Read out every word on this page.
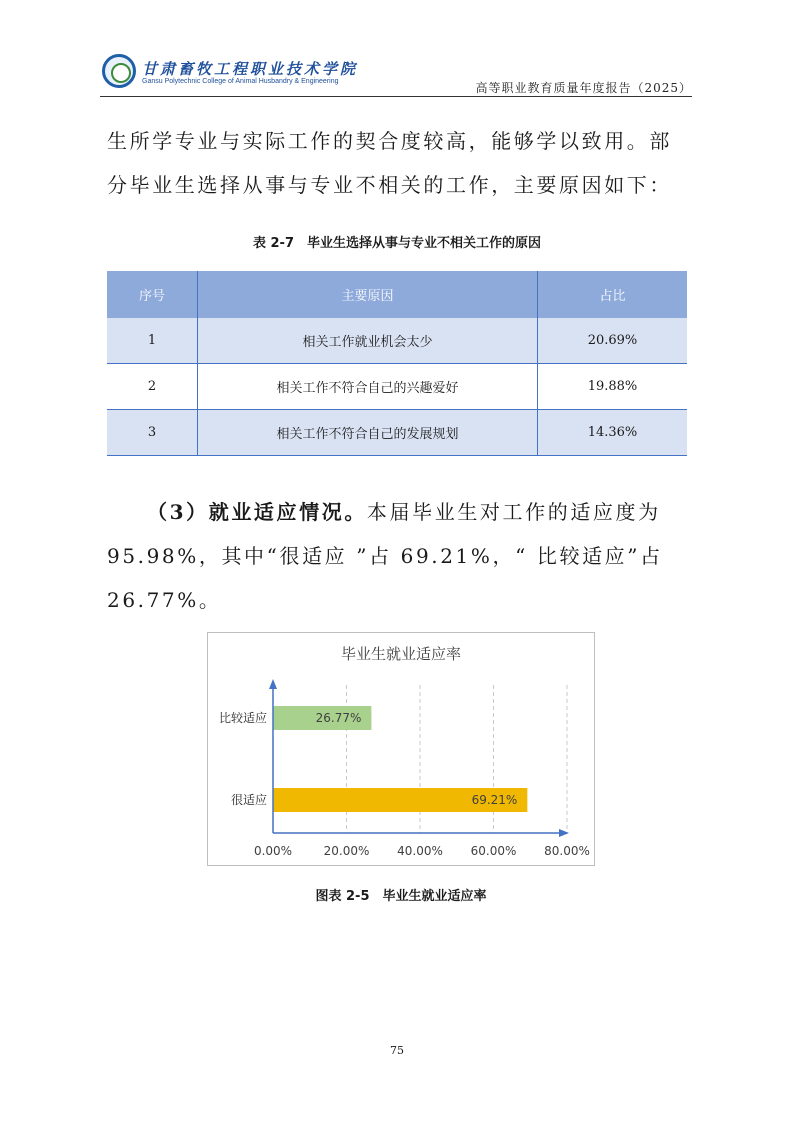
甘肃畜牧工程职业技术学院
Gansu Polytechnic College of Animal Husbandry & Engineering	高等职业教育质量年度报告（2025）
生所学专业与实际工作的契合度较高，能够学以致用。部分毕业生选择从事与专业不相关的工作，主要原因如下：
表 2-7　毕业生选择从事与专业不相关工作的原因
序号	主要原因	占比
1	相关工作就业机会太少	20.69%
2	相关工作不符合自己的兴趣爱好	19.88%
3	相关工作不符合自己的发展规划	14.36%
（3）就业适应情况。本届毕业生对工作的适应度为 95.98%，其中“很适应 ”占 69.21%，“ 比较适应”占 26.77%。
毕业生就业适应率
26.77%
69.21%
0.00%	20.00% 40.00% 60.00% 80.00%
比较适应
很适应
图表 2-5　毕业生就业适应率
75
